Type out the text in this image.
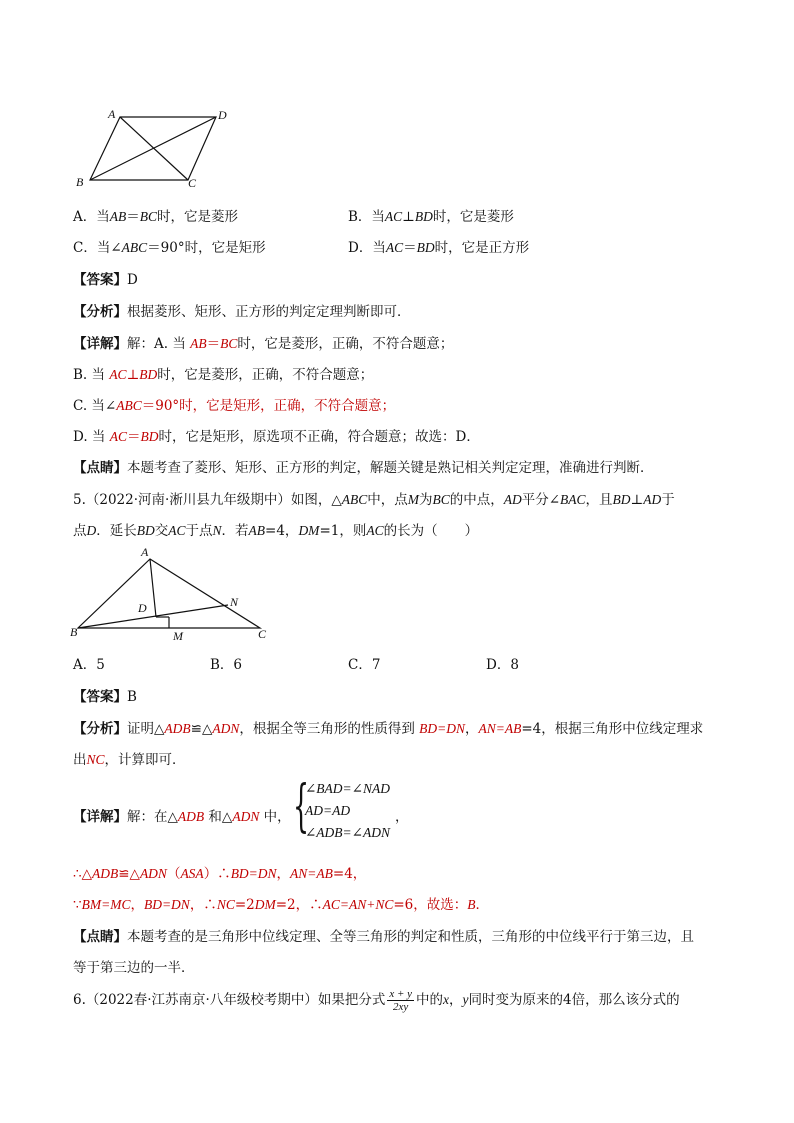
A	D
B	C
A．当AB＝BC时，它是菱形	B．当AC⊥BD时，它是菱形
C．当∠ABC＝90°时，它是矩形	D．当AC＝BD时，它是正方形
【答案】D
【分析】根据菱形、矩形、正方形的判定定理判断即可．
【详解】解：A. 当 AB＝BC时，它是菱形，正确，不符合题意；
B. 当 AC⊥BD时，它是菱形，正确，不符合题意；
C. 当∠ABC＝90°时，它是矩形，正确，不符合题意；
D. 当 AC＝BD时，它是矩形，原选项不正确，符合题意；故选：D．
【点睛】本题考查了菱形、矩形、正方形的判定，解题关键是熟记相关判定定理，准确进行判断．
5.（2022·河南·淅川县九年级期中）如图，△ABC中，点M为BC的中点，AD平分∠BAC，且BD⊥AD于
点D．延长BD交AC于点N．若AB=4，DM=1，则AC的长为（　　）
A
B	C
D
M
N
A．5	B．6	C．7	D．8
【答案】B
【分析】证明△ADB≌△ADN，根据全等三角形的性质得到 BD=DN，AN=AB=4，根据三角形中位线定理求
出NC，计算即可．
【详解】解：在△ADB 和△ADN 中， {
∠BAD=∠NAD
AD=AD
∠ADB=∠ADN
，
∴△ADB≌△ADN（ASA）∴BD=DN，AN=AB=4，
∵BM=MC，BD=DN，∴NC=2DM=2，∴AC=AN+NC=6，故选：B．
【点睛】本题考查的是三角形中位线定理、全等三角形的判定和性质，三角形的中位线平行于第三边，且
等于第三边的一半．
6.（2022春·江苏南京·八年级校考期中）如果把分式 $\frac{x + y}{2xy}$ 中的x，y同时变为原来的4倍，那么该分式的
